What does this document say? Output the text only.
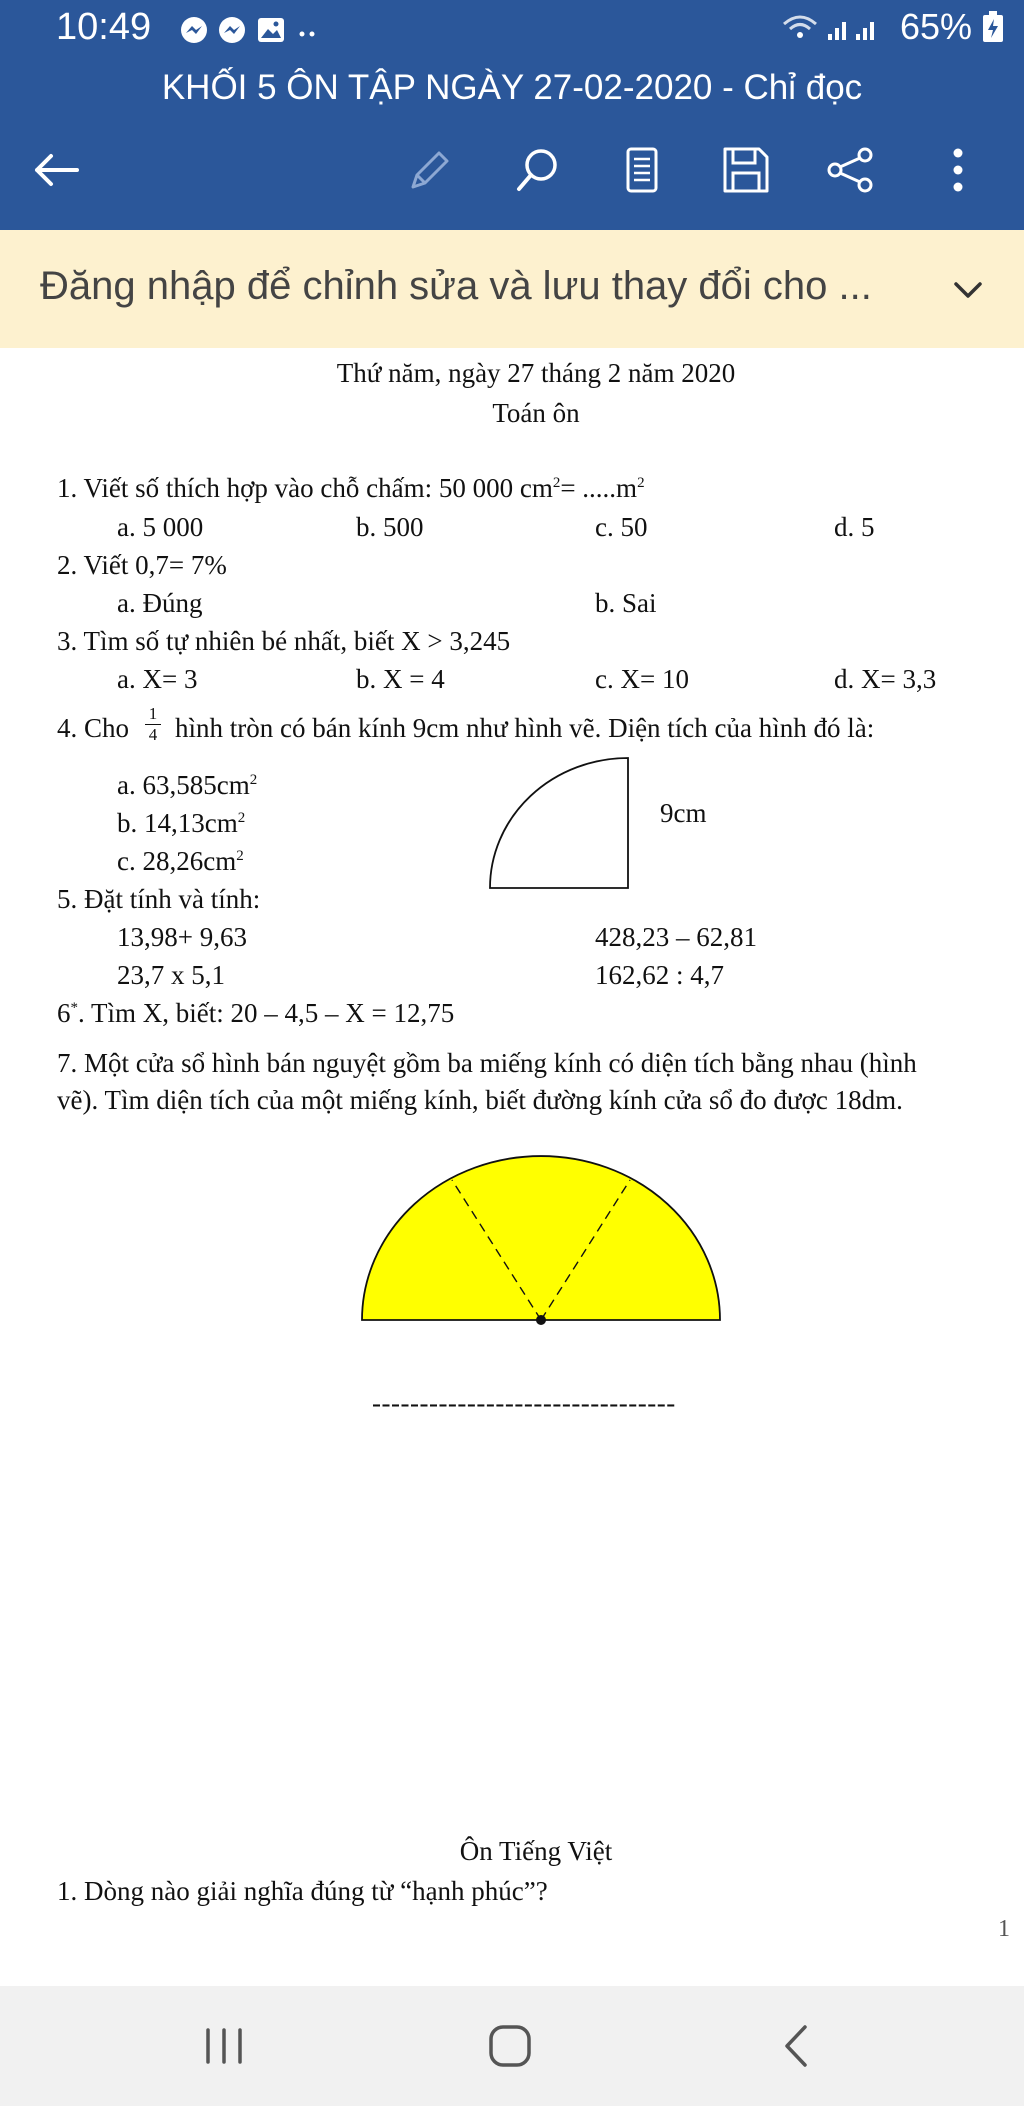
10:49	65%
KHỐI 5 ÔN TẬP NGÀY 27-02-2020 - Chỉ đọc
Đăng nhập để chỉnh sửa và lưu thay đổi cho ...
Thứ năm, ngày 27 tháng 2 năm 2020
Toán ôn
1. Viết số thích hợp vào chỗ chấm: 50 000 $cm^2= .....m^2$
a. 5 000	b. 500	c. 50	d. 5
2. Viết 0,7= 7%
a. Đúng	b. Sai
3. Tìm số tự nhiên bé nhất, biết X > 3,245
a. X= 3	b. X = 4	c. X= 10	d. X= 3,3
4. Cho 1
4 hình tròn có bán kính 9cm như hình vẽ. Diện tích của hình đó là:
a. $63,585cm^2$
b. $14,13cm^2$
c. $28,26cm^2$
9cm
5. Đặt tính và tính:
13,98+ 9,63	428,23 – 62,81
23,7 x 5,1	162,62 : 4,7
6*. Tìm X, biết: 20 – 4,5 – X = 12,75
7. Một cửa sổ hình bán nguyệt gồm ba miếng kính có diện tích bằng nhau (hình
vẽ). Tìm diện tích của một miếng kính, biết đường kính cửa sổ đo được 18dm.
--------------------------------
Ôn Tiếng Việt
1. Dòng nào giải nghĩa đúng từ “hạnh phúc”?
1
